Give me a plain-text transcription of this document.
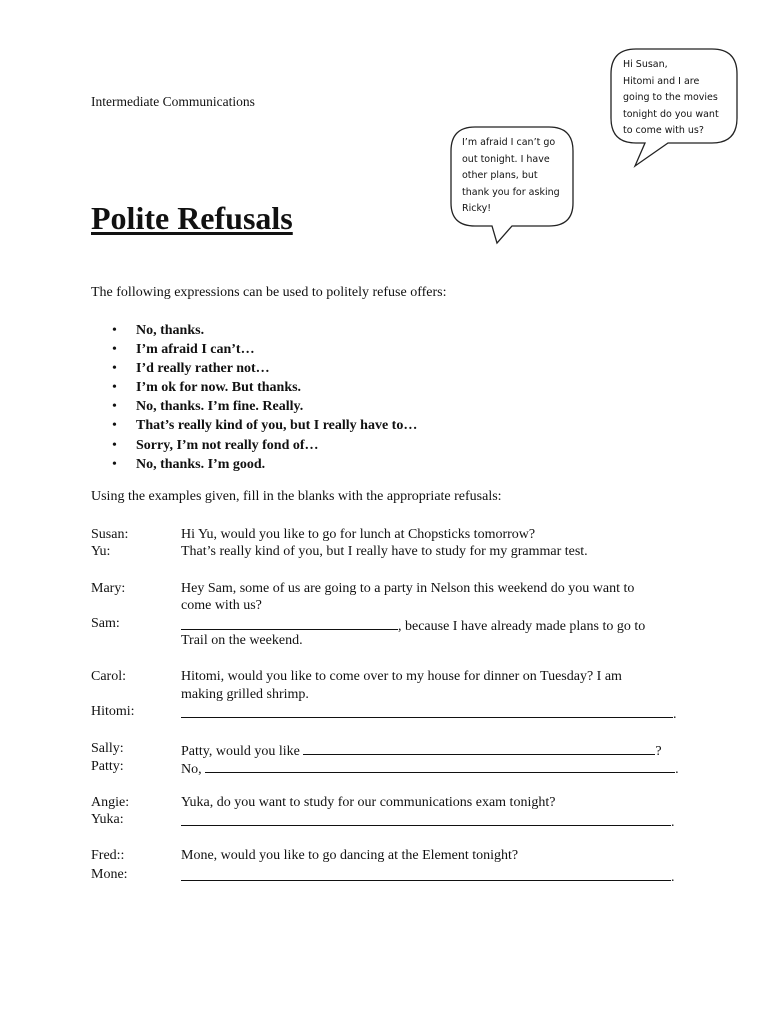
Hi Susan,
Hitomi and I are
going to the movies
tonight do you want
to come with us?
I’m afraid I can’t go
out tonight. I have
other plans, but
thank you for asking
Ricky!
Intermediate Communications
Polite Refusals
The following expressions can be used to politely refuse offers:
• No, thanks.
• I’m afraid I can’t…
• I’d really rather not…
• I’m ok for now. But thanks.
• No, thanks. I’m fine. Really.
• That’s really kind of you, but I really have to…
• Sorry, I’m not really fond of…
• No, thanks. I’m good.
Using the examples given, fill in the blanks with the appropriate refusals:
Susan:	Hi Yu, would you like to go for lunch at Chopsticks tomorrow?
Yu:	That’s really kind of you, but I really have to study for my grammar test.
Mary:	Hey Sam, some of us are going to a party in Nelson this weekend do you want to
come with us?
Sam:	, because I have already made plans to go to
Trail on the weekend.
Carol:	Hitomi, would you like to come over to my house for dinner on Tuesday? I am
making grilled shrimp.
Hitomi:	.
Sally:	Patty, would you like	?
Patty:	No,	.
Angie:	Yuka, do you want to study for our communications exam tonight?
Yuka:	.
Fred::	Mone, would you like to go dancing at the Element tonight?
Mone:	.
